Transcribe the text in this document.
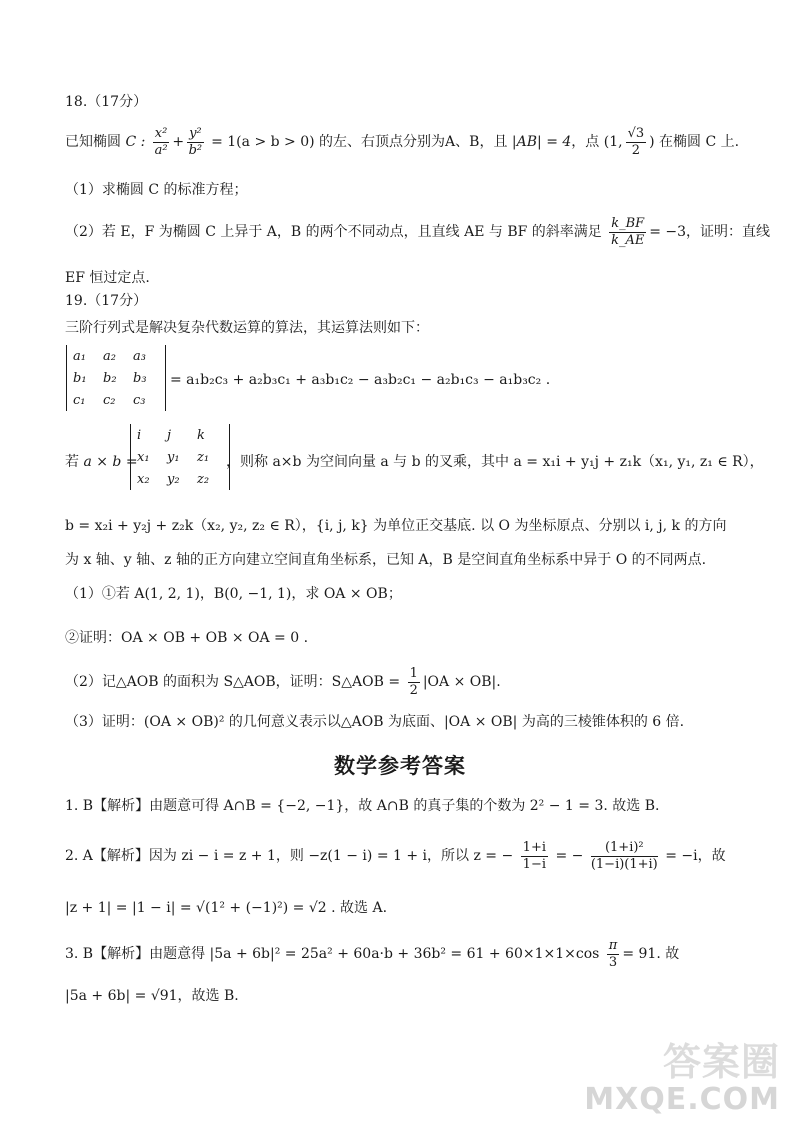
18.（17分）
已知椭圆 C : $\frac{\text{x²}}{\text{a²}} + \frac{\text{y²}}{\text{b²}} = 1(a > b > 0)$ 的左、右顶点分别为A、B，且 |AB| = 4，点 (1, $\frac{√3}{2}$ ) 在椭圆 C 上.
（1）求椭圆 C 的标准方程；
（2）若 E，F 为椭圆 C 上异于 A，B 的两个不同动点，且直线 AE 与 BF 的斜率满足 $\frac{k\_BF}{k\_AE} = -3$，证明：直线
EF 恒过定点.
19.（17分）
三阶行列式是解决复杂代数运算的算法，其运算法则如下：
a₁	a₂	a₃
b₁	b₂	b₃
c₁	c₂	c₃
= a₁b₂c₃ + a₂b₃c₁ + a₃b₁c₂ − a₃b₂c₁ − a₂b₁c₃ − a₁b₃c₂ .
若 a × b =
i	j	k
x₁	y₁	z₁
x₂	y₂	z₂
，则称 a×b 为空间向量 a 与 b 的叉乘，其中 a = x₁i + y₁j + z₁k（x₁, y₁, z₁ ∈ R），
b = x₂i + y₂j + z₂k（x₂, y₂, z₂ ∈ R），{i, j, k} 为单位正交基底. 以 O 为坐标原点、分别以 i, j, k 的方向
为 x 轴、y 轴、z 轴的正方向建立空间直角坐标系，已知 A，B 是空间直角坐标系中异于 O 的不同两点.
（1）①若 A(1, 2, 1)，B(0, −1, 1)，求 OA × OB；
②证明：OA × OB + OB × OA = 0 .
（2）记△AOB 的面积为 S△AOB，证明：S△AOB = $\frac{1}{2} |OA \times OB|$.
（3）证明：(OA × OB)² 的几何意义表示以△AOB 为底面、|OA × OB| 为高的三棱锥体积的 6 倍.
数学参考答案
1. B【解析】由题意可得 A∩B = {−2, −1}，故 A∩B 的真子集的个数为 2² − 1 = 3. 故选 B.
2. A【解析】因为 zi − i = z + 1，则 −z(1 − i) = 1 + i，所以 z = − $\frac{1+i}{1-i}$ = − $\frac{\text{(1+i)²}}{(1-i)(1+i)} = -i$，故
|z + 1| = |1 − i| = √(1² + (−1)²) = √2 . 故选 A.
3. B【解析】由题意得 $|5a + 6b|^2 = 25a^2 + 60a\cdot b + 36b^2 = 61 + 60\times 1\times 1\times\cos \frac{\pi}{3} = 91$. 故
|5a + 6b| = √91，故选 B.
答案圈
MXQE.COM
